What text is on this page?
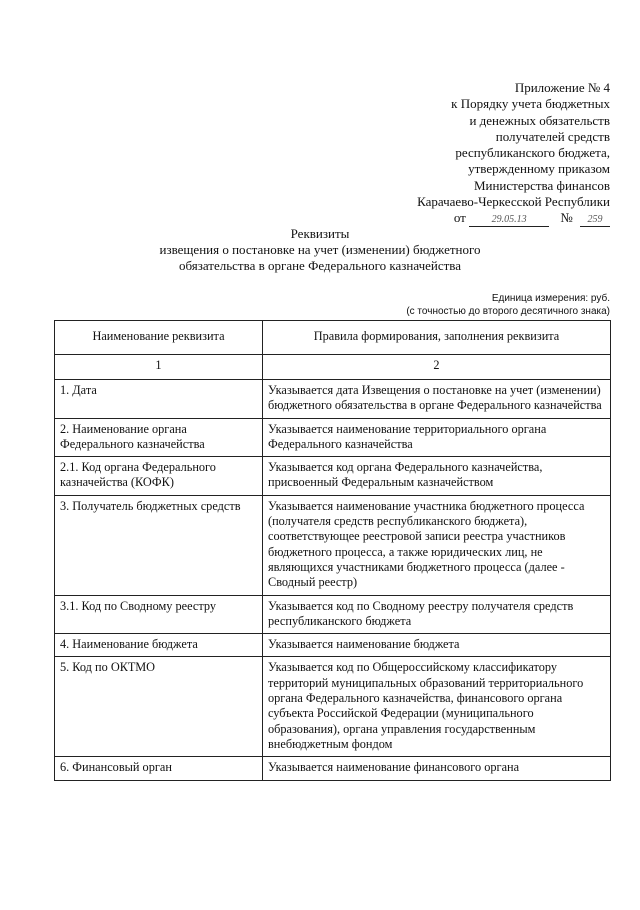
Приложение № 4
к Порядку учета бюджетных
и денежных обязательств
получателей средств
республиканского бюджета,
утвержденному приказом
Министерства финансов
Карачаево-Черкесской Республики
от	29.05.13	№ 259
Реквизиты
извещения о постановке на учет (изменении) бюджетного
обязательства в органе Федерального казначейства
Единица измерения: руб.
(с точностью до второго десятичного знака)
Наименование реквизита	Правила формирования, заполнения реквизита
1	2
1. Дата	Указывается дата Извещения о постановке на учет (изменении) бюджетного обязательства в органе Федерального казначейства
2. Наименование органа Федерального казначейства	Указывается наименование территориального органа Федерального казначейства
2.1. Код органа Федерального казначейства (КОФК)	Указывается код органа Федерального казначейства, присвоенный Федеральным казначейством
3. Получатель бюджетных средств	Указывается наименование участника бюджетного процесса (получателя средств республиканского бюджета), соответствующее реестровой записи реестра участников бюджетного процесса, а также юридических лиц, не являющихся участниками бюджетного процесса (далее - Сводный реестр)
3.1. Код по Сводному реестру	Указывается код по Сводному реестру получателя средств республиканского бюджета
4. Наименование бюджета	Указывается наименование бюджета
5. Код по ОКТМО	Указывается код по Общероссийскому классификатору территорий муниципальных образований территориального органа Федерального казначейства, финансового органа субъекта Российской Федерации (муниципального образования), органа управления государственным внебюджетным фондом
6. Финансовый орган	Указывается наименование финансового органа
